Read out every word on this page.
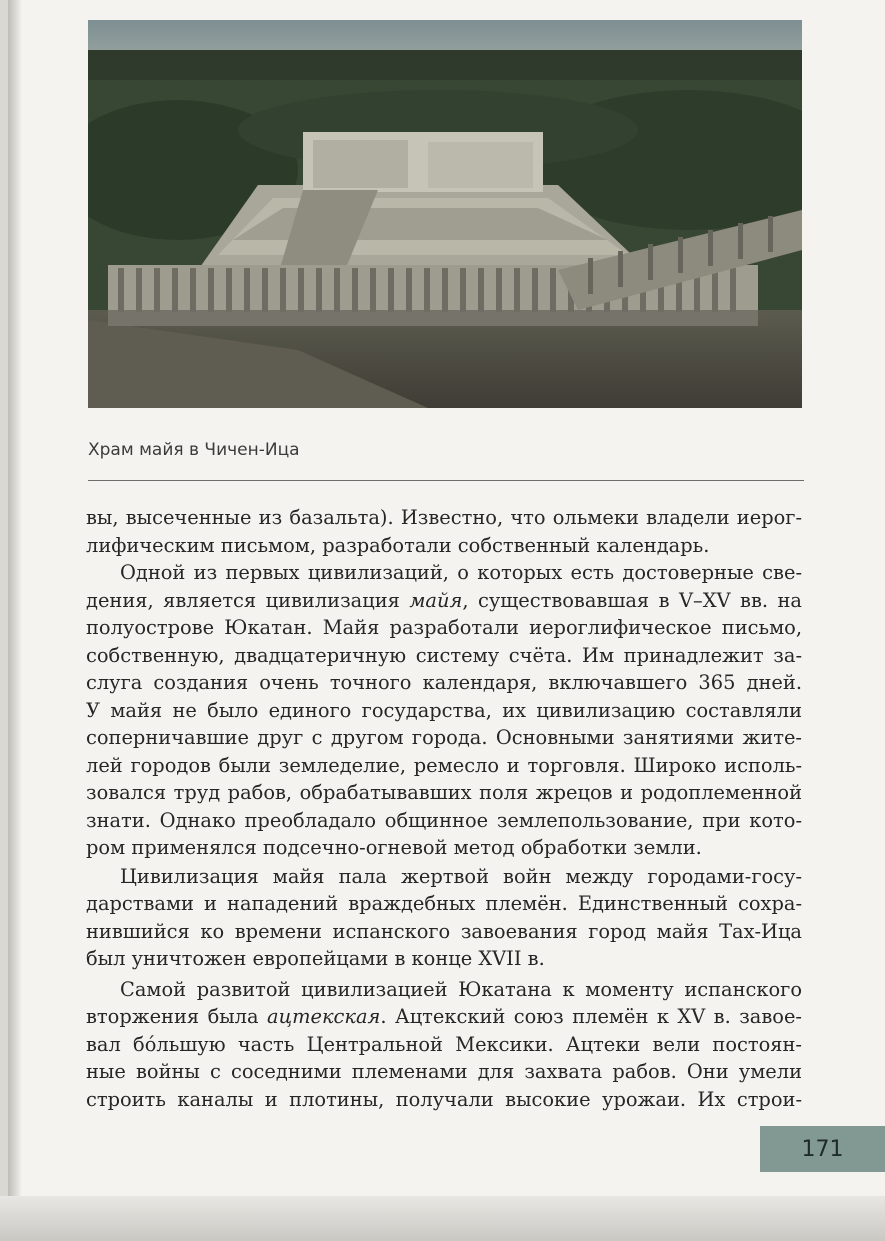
Храм майя в Чичен-Ица
вы, высеченные из базальта). Известно, что ольмеки владели иерог-
лифическим письмом, разработали собственный календарь.
Одной из первых цивилизаций, о которых есть достоверные све-
дения, является цивилизация майя, существовавшая в V–XV вв. на
полуострове Юкатан. Майя разработали иероглифическое письмо,
собственную, двадцатеричную систему счёта. Им принадлежит за-
слуга создания очень точного календаря, включавшего 365 дней.
У майя не было единого государства, их цивилизацию составляли
соперничавшие друг с другом города. Основными занятиями жите-
лей городов были земледелие, ремесло и торговля. Широко исполь-
зовался труд рабов, обрабатывавших поля жрецов и родоплеменной
знати. Однако преобладало общинное землепользование, при кото-
ром применялся подсечно-огневой метод обработки земли.
Цивилизация майя пала жертвой войн между городами-госу-
дарствами и нападений враждебных племён. Единственный сохра-
нившийся ко времени испанского завоевания город майя Тах-Ица
был уничтожен европейцами в конце XVII в.
Самой развитой цивилизацией Юкатана к моменту испанского
вторжения была ацтекская. Ацтекский союз племён к XV в. завое-
вал бóльшую часть Центральной Мексики. Ацтеки вели постоян-
ные войны с соседними племенами для захвата рабов. Они умели
строить каналы и плотины, получали высокие урожаи. Их строи-
171
